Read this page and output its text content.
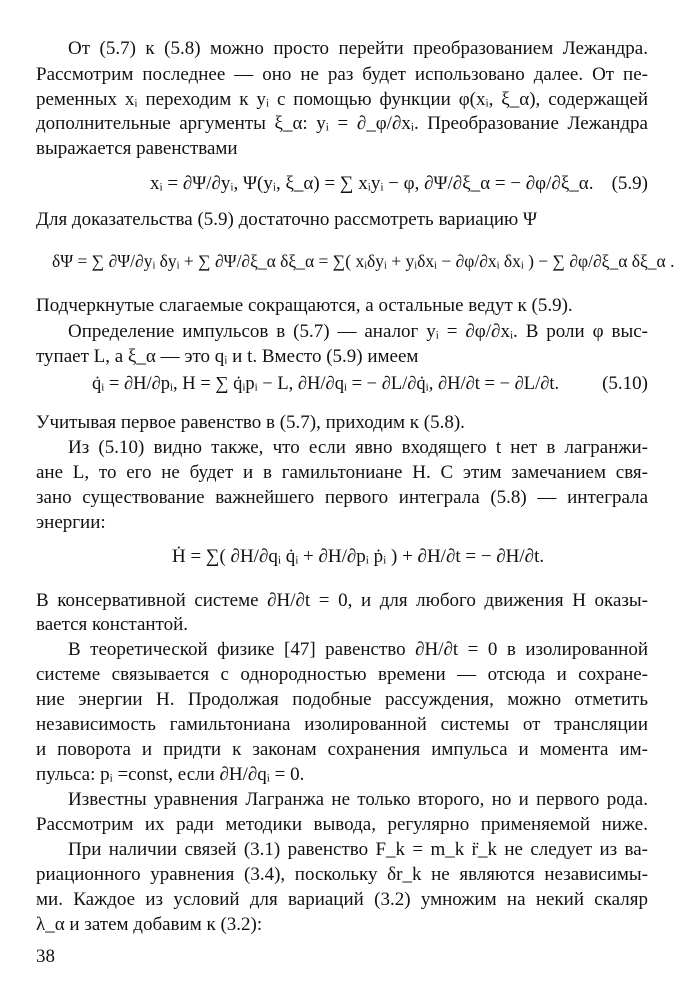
От (5.7) к (5.8) можно просто перейти преобразованием Лежандра.
Рассмотрим последнее — оно не раз будет использовано далее. От пе-
ременных xᵢ переходим к yᵢ с помощью функции φ(xᵢ, ξ_α), содержащей
дополнительные аргументы ξ_α: yᵢ = ∂_φ/∂xᵢ. Преобразование Лежандра
выражается равенствами
xᵢ = ∂Ψ/∂yᵢ, Ψ(yᵢ, ξ_α) = ∑ xᵢyᵢ − φ, ∂Ψ/∂ξ_α = − ∂φ/∂ξ_α. (5.9)
Для доказательства (5.9) достаточно рассмотреть вариацию Ψ
δΨ = ∑ ∂Ψ/∂yᵢ δyᵢ + ∑ ∂Ψ/∂ξ_α δξ_α = ∑( xᵢδyᵢ + yᵢδxᵢ − ∂φ/∂xᵢ δxᵢ ) − ∑ ∂φ/∂ξ_α δξ_α .
Подчеркнутые слагаемые сокращаются, а остальные ведут к (5.9).
Определение импульсов в (5.7) — аналог yᵢ = ∂φ/∂xᵢ. В роли φ выс-
тупает L, а ξ_α — это qᵢ и t. Вместо (5.9) имеем
q̇ᵢ = ∂H/∂pᵢ, H = ∑ q̇ᵢpᵢ − L, ∂H/∂qᵢ = − ∂L/∂q̇ᵢ, ∂H/∂t = − ∂L/∂t.	(5.10)
Учитывая первое равенство в (5.7), приходим к (5.8).
Из (5.10) видно также, что если явно входящего t нет в лагранжи-
ане L, то его не будет и в гамильтониане H. С этим замечанием свя-
зано существование важнейшего первого интеграла (5.8) — интеграла
энергии:
Ḣ = ∑( ∂H/∂qᵢ q̇ᵢ + ∂H/∂pᵢ ṗᵢ ) + ∂H/∂t = − ∂H/∂t.
В консервативной системе ∂H/∂t = 0, и для любого движения H оказы-
вается константой.
В теоретической физике [47] равенство ∂H/∂t = 0 в изолированной
системе связывается с однородностью времени — отсюда и сохране-
ние энергии H. Продолжая подобные рассуждения, можно отметить
независимость гамильтониана изолированной системы от трансляции
и поворота и придти к законам сохранения импульса и момента им-
пульса: pᵢ =const, если ∂H/∂qᵢ = 0.
Известны уравнения Лагранжа не только второго, но и первого рода.
Рассмотрим их ради методики вывода, регулярно применяемой ниже.
При наличии связей (3.1) равенство F_k = m_k r̈_k не следует из ва-
риационного уравнения (3.4), поскольку δr_k не являются независимы-
ми. Каждое из условий для вариаций (3.2) умножим на некий скаляр
λ_α и затем добавим к (3.2):
38
